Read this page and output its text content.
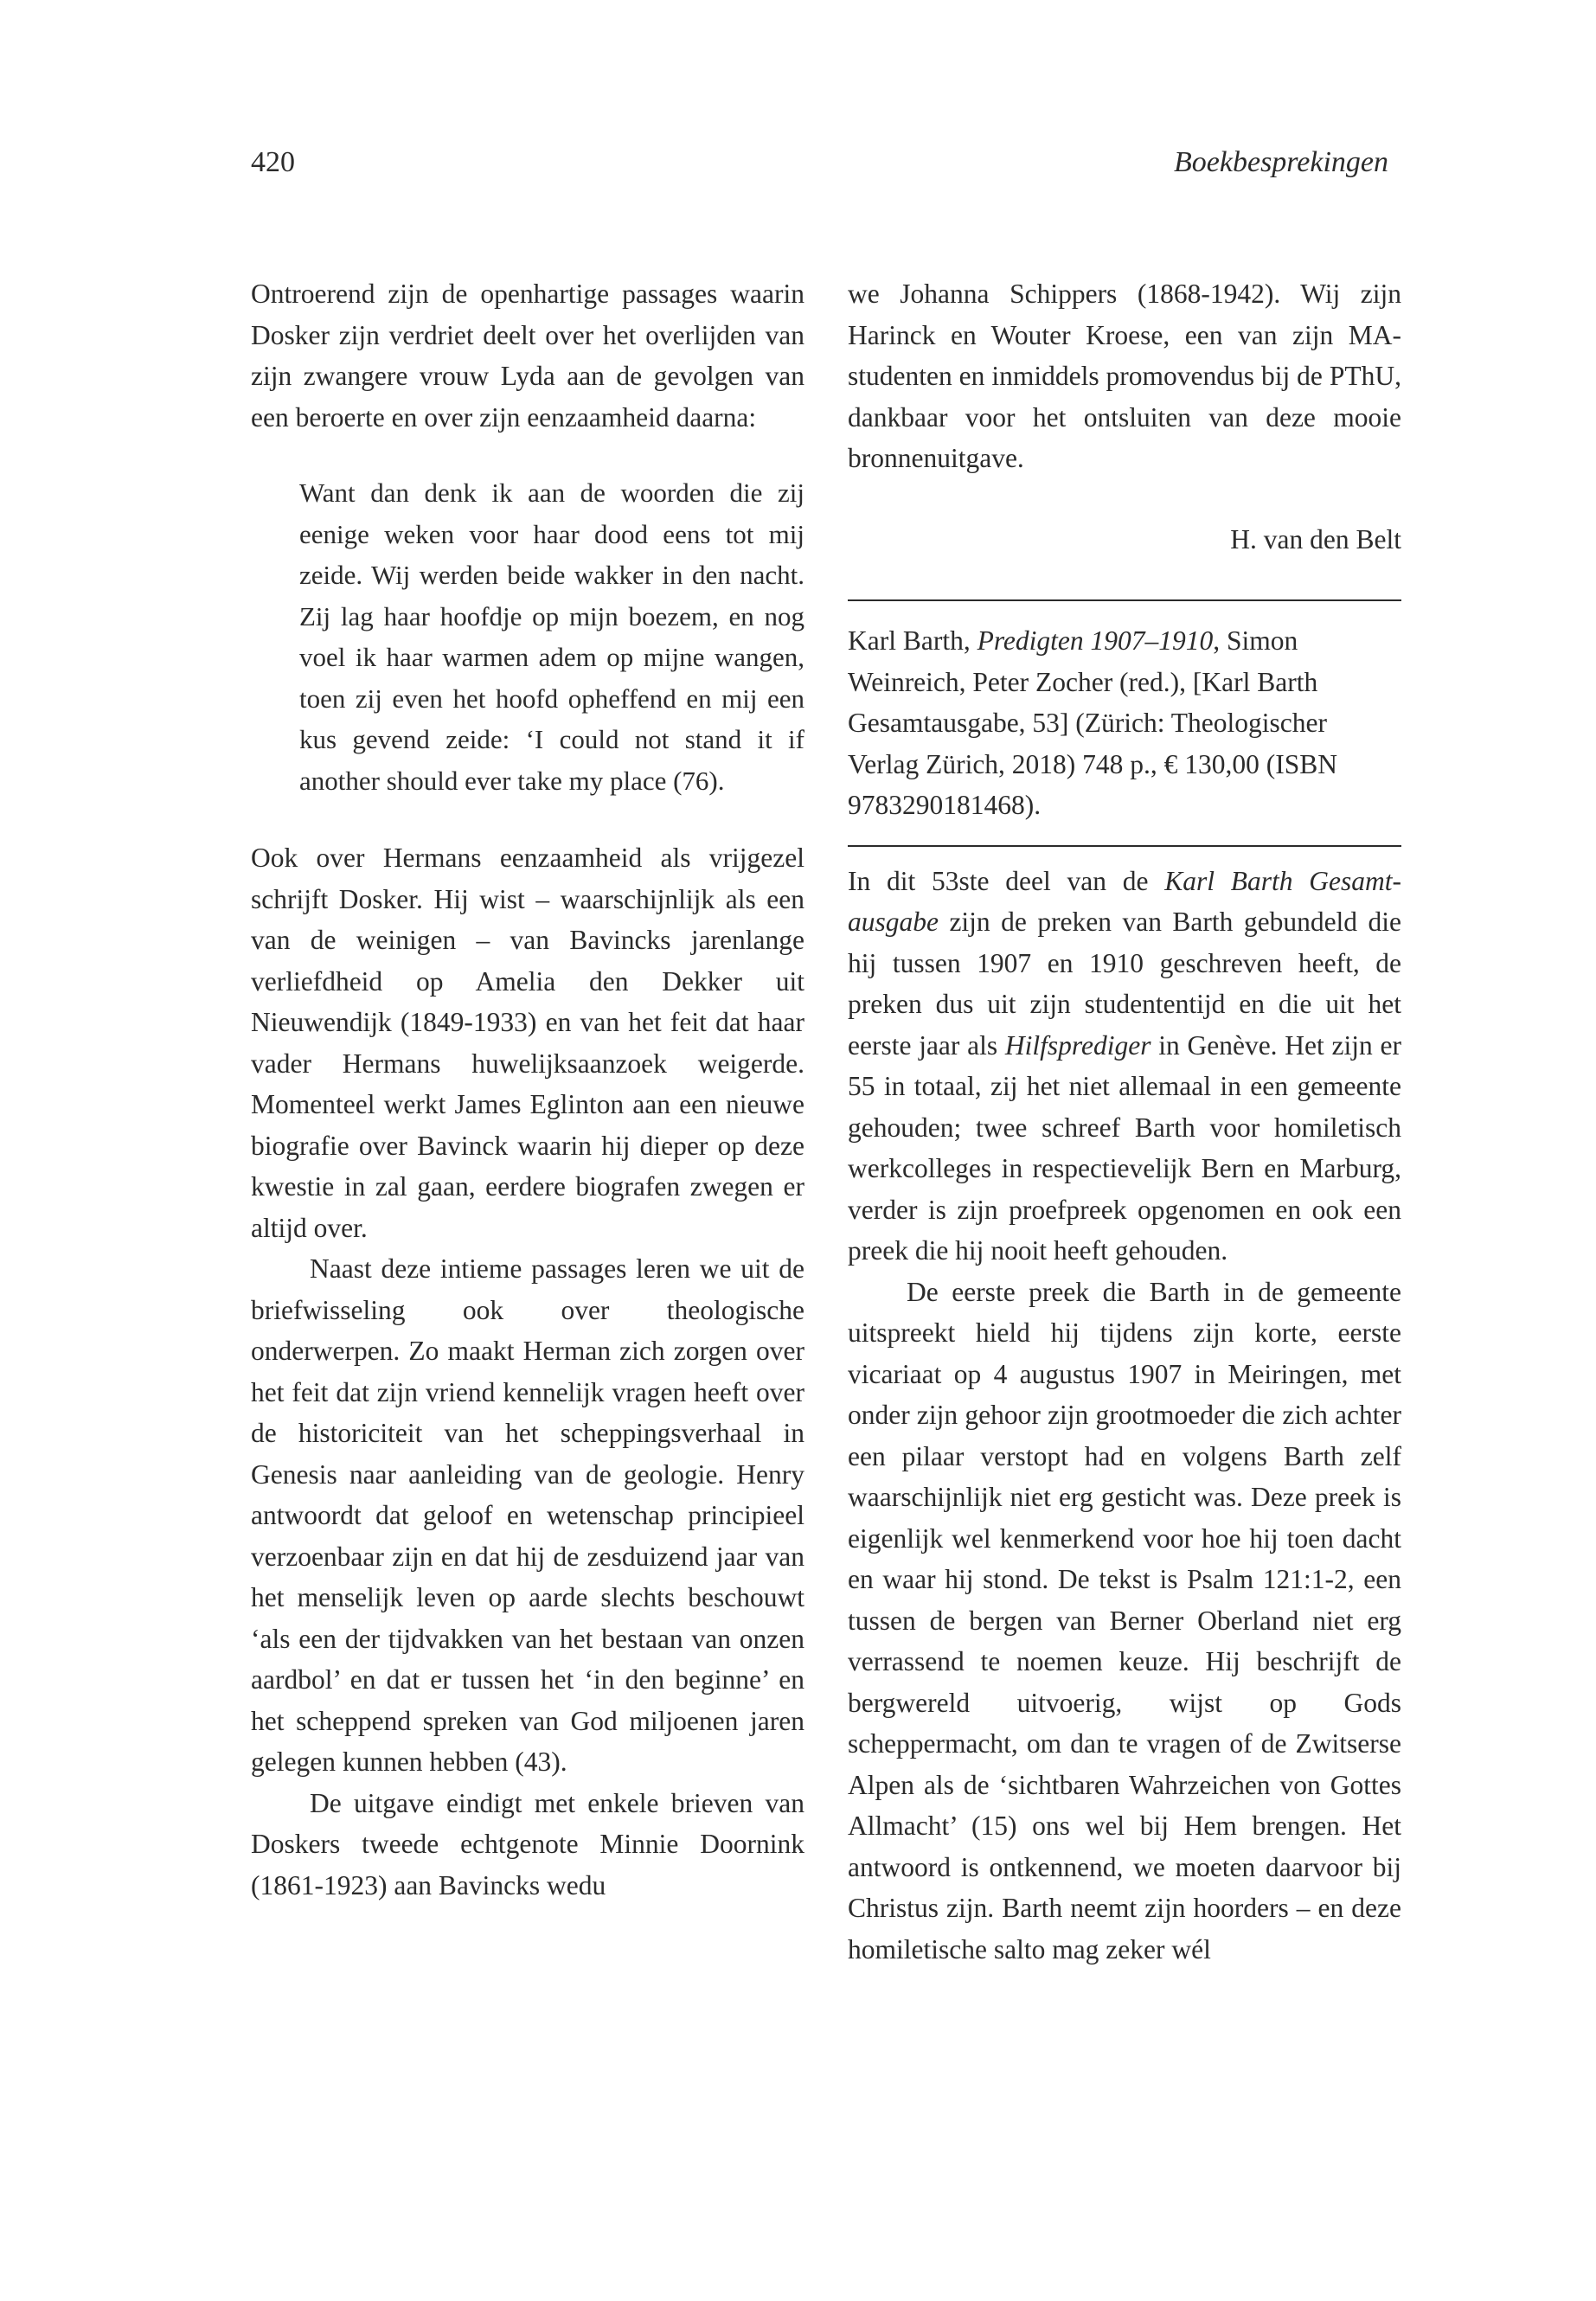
420	Boekbesprekingen

Ontroerend zijn de openhartige passages waarin Dosker zijn verdriet deelt over het overlijden van zijn zwangere vrouw Lyda aan de gevolgen van een beroerte en over zijn eenzaamheid daarna:

Want dan denk ik aan de woorden die zij eenige weken voor haar dood eens tot mij zeide. Wij werden beide wakker in den nacht. Zij lag haar hoofdje op mijn boezem, en nog voel ik haar warmen adem op mijne wangen, toen zij even het hoofd opheffend en mij een kus gevend zeide: ‘I could not stand it if another should ever take my place (76).

Ook over Hermans eenzaamheid als vrijgezel schrijft Dosker. Hij wist – waarschijnlijk als een van de weinigen – van Bavincks jarenlange verliefdheid op Amelia den Dekker uit Nieuwendijk (1849-1933) en van het feit dat haar vader Hermans huwelijksaanzoek weigerde. Momenteel werkt James Eglinton aan een nieuwe biografie over Bavinck waarin hij dieper op deze kwestie in zal gaan, eerdere biografen zwegen er altijd over.

Naast deze intieme passages leren we uit de briefwisseling ook over theologische onderwerpen. Zo maakt Herman zich zorgen over het feit dat zijn vriend kennelijk vragen heeft over de historiciteit van het scheppingsverhaal in Genesis naar aanleiding van de geologie. Henry antwoordt dat geloof en wetenschap principieel verzoenbaar zijn en dat hij de zesduizend jaar van het menselijk leven op aarde slechts beschouwt ‘als een der tijdvakken van het bestaan van onzen aardbol’ en dat er tussen het ‘in den beginne’ en het scheppend spreken van God miljoenen jaren gelegen kunnen hebben (43).

De uitgave eindigt met enkele brieven van Doskers tweede echtgenote Minnie Doornink (1861-1923) aan Bavincks wedu

we Johanna Schippers (1868-1942). Wij zijn Harinck en Wouter Kroese, een van zijn MA-studenten en inmiddels promovendus bij de PThU, dankbaar voor het ontsluiten van deze mooie bronnenuitgave.

H. van den Belt

Karl Barth, Predigten 1907–1910, Simon Weinreich, Peter Zocher (red.), [Karl Barth Gesamtausgabe, 53] (Zürich: Theologischer Verlag Zürich, 2018) 748 p., € 130,00 (ISBN 9783290181468).

In dit 53ste deel van de Karl Barth Gesamtausgabe zijn de preken van Barth gebundeld die hij tussen 1907 en 1910 geschreven heeft, de preken dus uit zijn studententijd en die uit het eerste jaar als Hilfsprediger in Genève. Het zijn er 55 in totaal, zij het niet allemaal in een gemeente gehouden; twee schreef Barth voor homiletisch werkcolleges in respectievelijk Bern en Marburg, verder is zijn proefpreek opgenomen en ook een preek die hij nooit heeft gehouden.

De eerste preek die Barth in de gemeente uitspreekt hield hij tijdens zijn korte, eerste vicariaat op 4 augustus 1907 in Meiringen, met onder zijn gehoor zijn grootmoeder die zich achter een pilaar verstopt had en volgens Barth zelf waarschijnlijk niet erg gesticht was. Deze preek is eigenlijk wel kenmerkend voor hoe hij toen dacht en waar hij stond. De tekst is Psalm 121:1-2, een tussen de bergen van Berner Oberland niet erg verrassend te noemen keuze. Hij beschrijft de bergwereld uitvoerig, wijst op Gods scheppermacht, om dan te vragen of de Zwitserse Alpen als de ‘sichtbaren Wahrzeichen von Gottes Allmacht’ (15) ons wel bij Hem brengen. Het antwoord is ontkennend, we moeten daarvoor bij Christus zijn. Barth neemt zijn hoorders – en deze homiletische salto mag zeker wél
